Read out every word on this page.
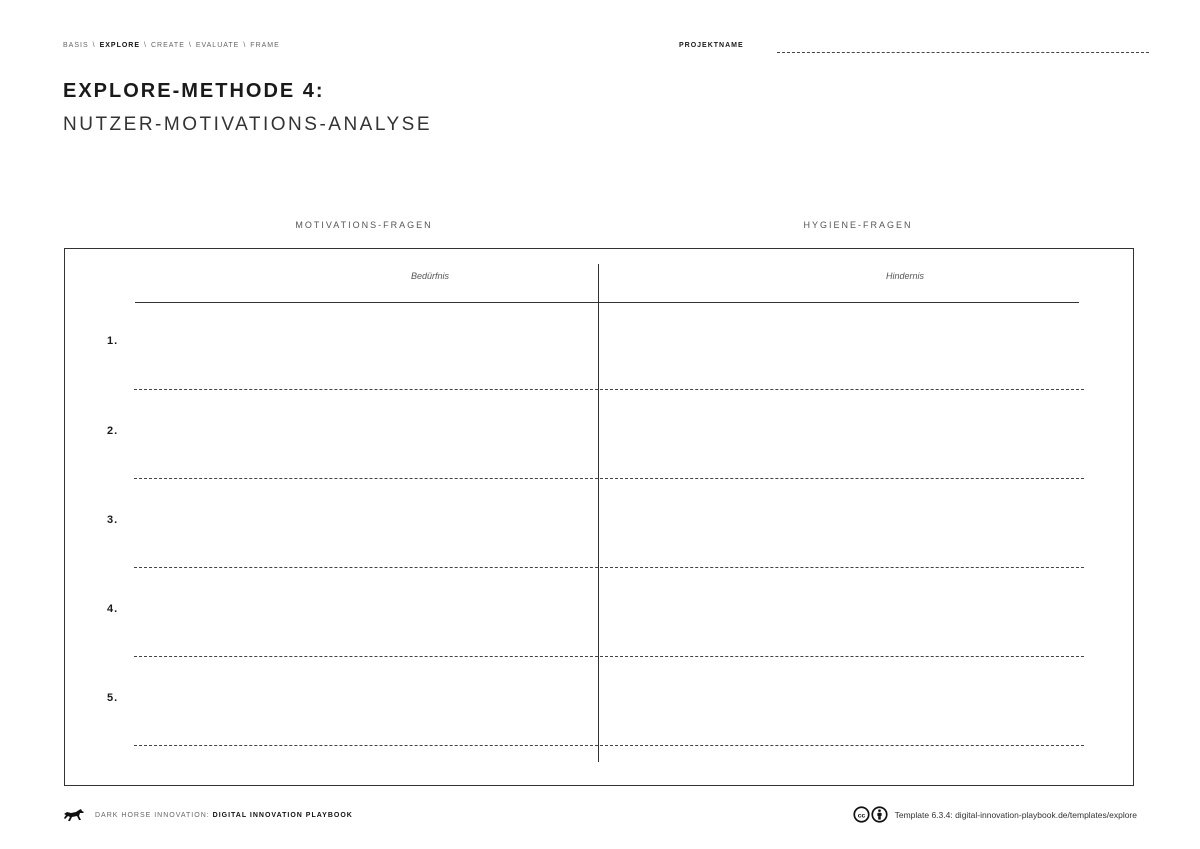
BASIS \ EXPLORE \ CREATE \ EVALUATE \ FRAME	PROJEKTNAME
EXPLORE-METHODE 4:
NUTZER-MOTIVATIONS-ANALYSE
MOTIVATIONS-FRAGEN	HYGIENE-FRAGEN
Bedürfnis	Hindernis
1.
2.
3.
4.
5.
DARK HORSE INNOVATION: DIGITAL INNOVATION PLAYBOOK	cc	Template 6.3.4: digital-innovation-playbook.de/templates/explore
